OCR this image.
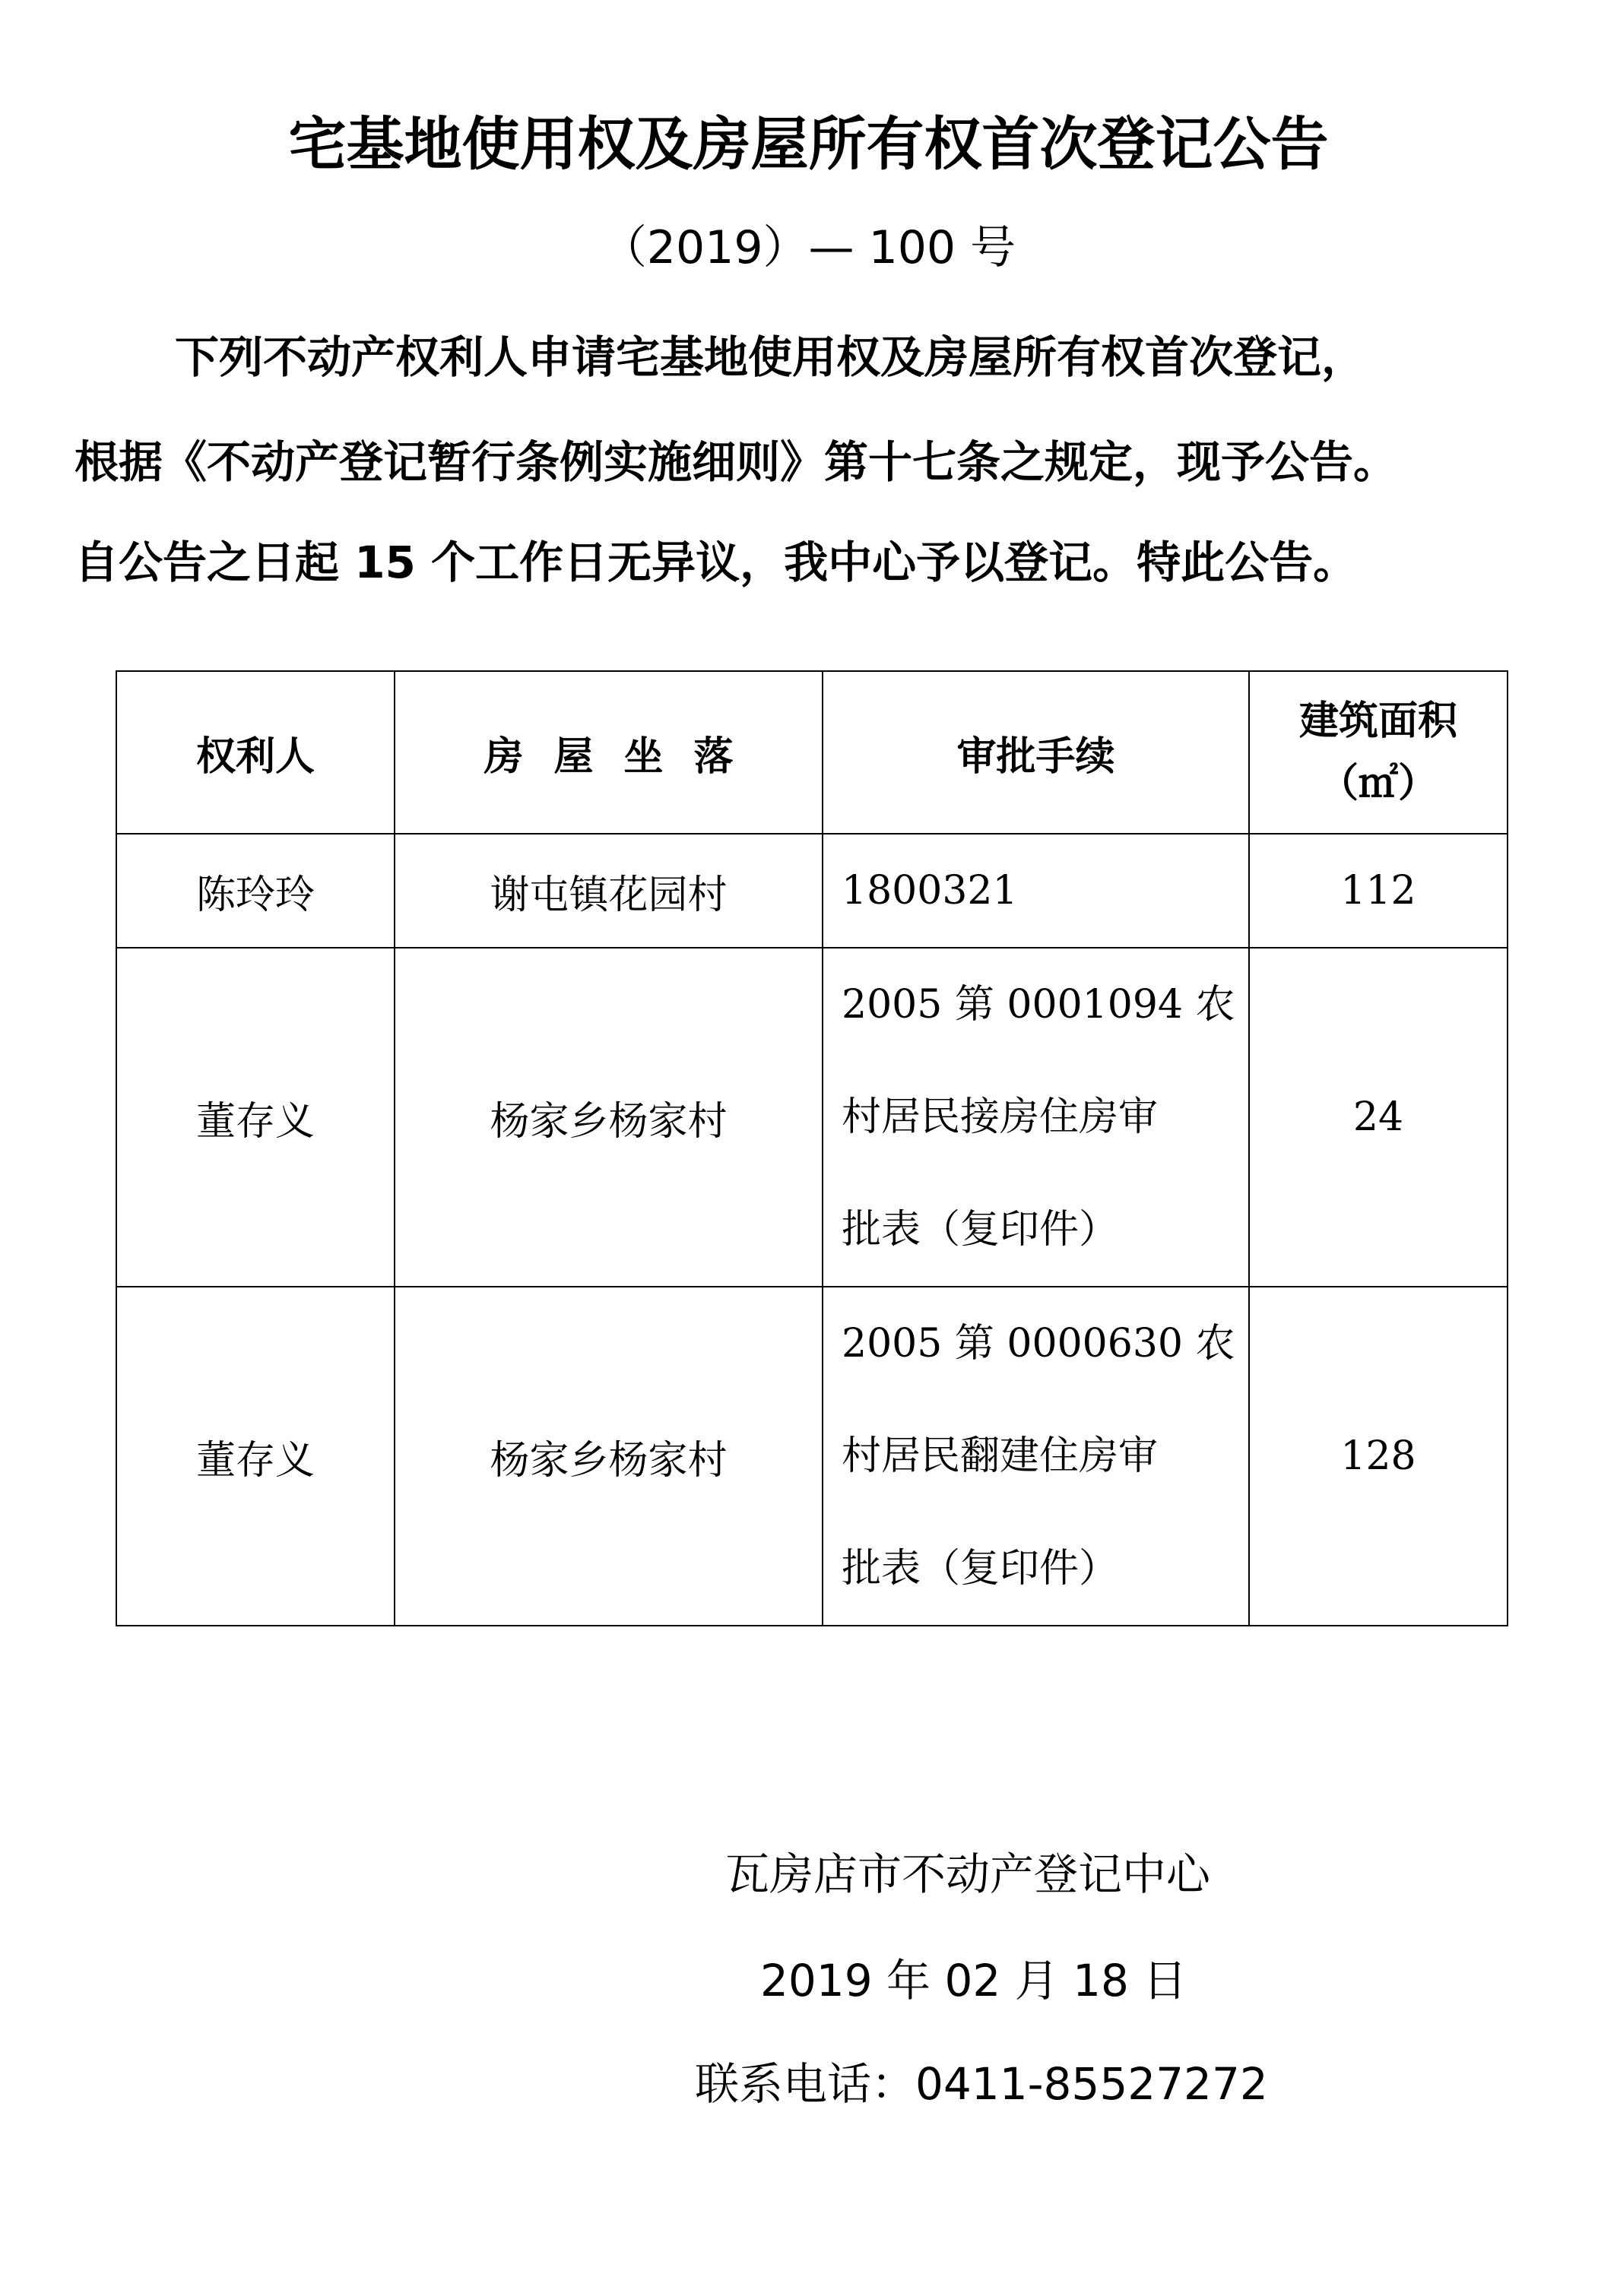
宅基地使用权及房屋所有权首次登记公告
（2019）— 100 号
下列不动产权利人申请宅基地使用权及房屋所有权首次登记，
根据《不动产登记暂行条例实施细则》第十七条之规定，现予公告。
自公告之日起 15 个工作日无异议，我中心予以登记。特此公告。
权利人	房屋坐落	审批手续	建筑面积
（㎡）

陈玲玲	谢屯镇花园村	1800321	112
董存义	杨家乡杨家村	2005 第 0001094 农
村居民接房住房审
批表（复印件）	24
董存义	杨家乡杨家村	2005 第 0000630 农
村居民翻建住房审
批表（复印件）	128
瓦房店市不动产登记中心
2019 年 02 月 18 日
联系电话：0411-85527272
